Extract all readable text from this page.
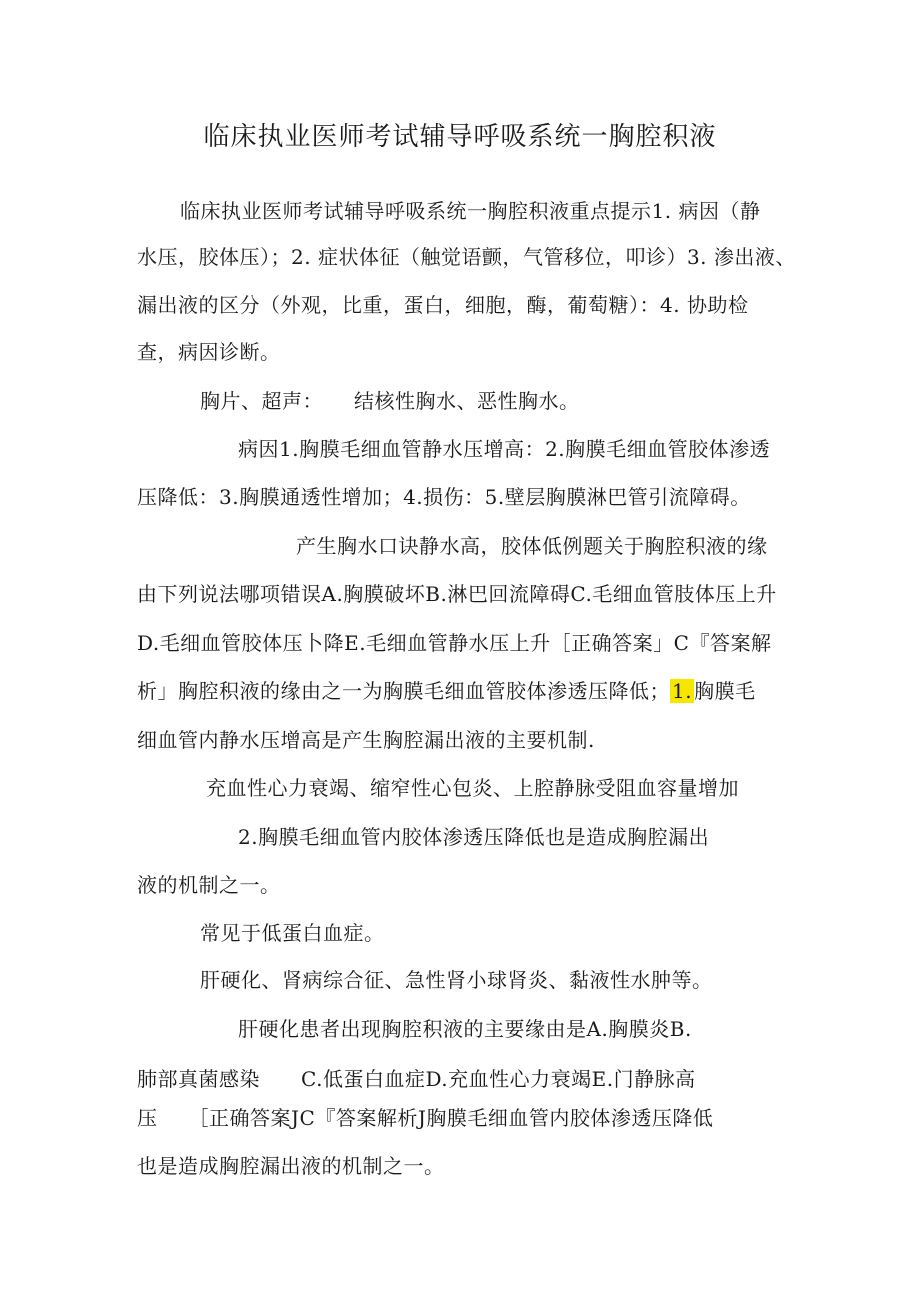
临床执业医师考试辅导呼吸系统一胸腔积液
临床执业医师考试辅导呼吸系统一胸腔积液重点提示1. 病因（静
水压，胶体压）；2. 症状体征（触觉语颤，气管移位，叩诊）3. 渗出液、
漏出液的区分（外观，比重，蛋白，细胞，酶，葡萄糖）：4. 协助检
查，病因诊断。
胸片、超声：　　结核性胸水、恶性胸水。
病因1.胸膜毛细血管静水压增高：2.胸膜毛细血管胶体渗透
压降低：3.胸膜通透性增加；4.损伤：5.壁层胸膜淋巴管引流障碍。
产生胸水口诀静水高，胶体低例题关于胸腔积液的缘
由下列说法哪项错误A.胸膜破坏B.淋巴回流障碍C.毛细血管肢体压上升
D.毛细血管胶体压卜降E.毛细血管静水压上升［正确答案」C『答案解
析」胸腔积液的缘由之一为胸膜毛细血管胶体渗透压降低； 1. 胸膜毛
细血管内静水压增高是产生胸腔漏出液的主要机制.
充血性心力衰竭、缩窄性心包炎、上腔静脉受阻血容量增加
2.胸膜毛细血管内胶体渗透压降低也是造成胸腔漏出
液的机制之一。
常见于低蛋白血症。
肝硬化、肾病综合征、急性肾小球肾炎、黏液性水肿等。
肝硬化患者出现胸腔积液的主要缘由是A.胸膜炎B.
肺部真菌感染　　C.低蛋白血症D.充血性心力衰竭E.门静脉高
压　　［正确答案JC『答案解析J胸膜毛细血管内胶体渗透压降低
也是造成胸腔漏出液的机制之一。
